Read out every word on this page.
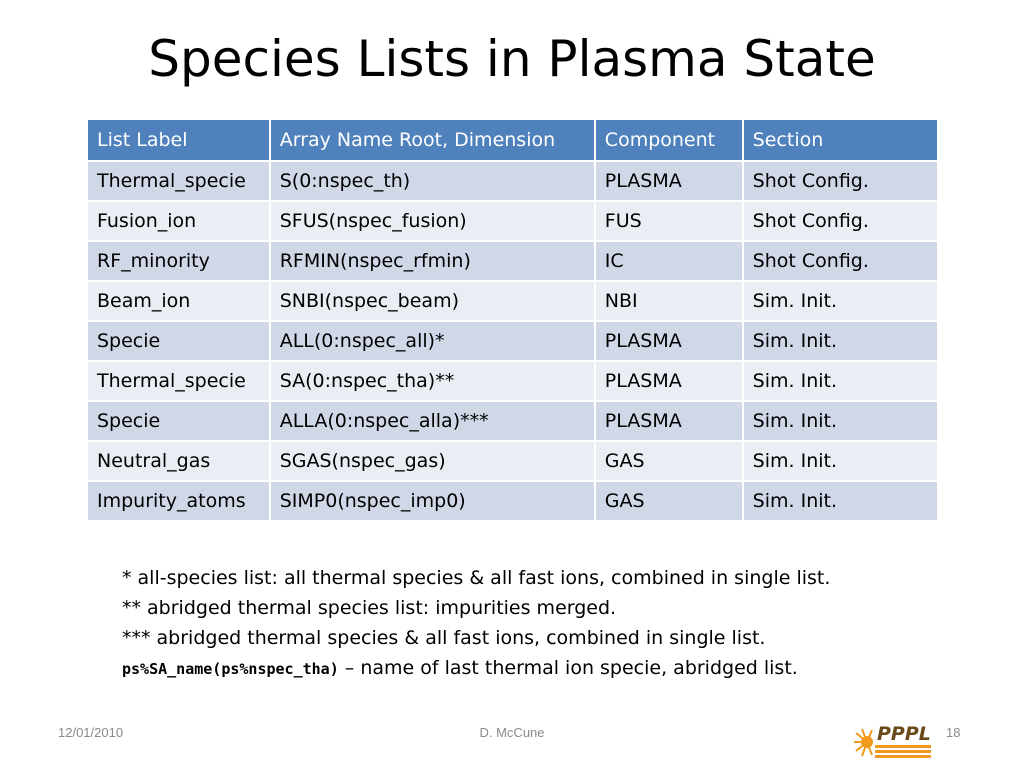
Species Lists in Plasma State
List Label	Array Name Root, Dimension	Component	Section
Thermal_specie	S(0:nspec_th)	PLASMA	Shot Config.
Fusion_ion	SFUS(nspec_fusion)	FUS	Shot Config.
RF_minority	RFMIN(nspec_rfmin)	IC	Shot Config.
Beam_ion	SNBI(nspec_beam)	NBI	Sim. Init.
Specie	ALL(0:nspec_all)*	PLASMA	Sim. Init.
Thermal_specie	SA(0:nspec_tha)**	PLASMA	Sim. Init.
Specie	ALLA(0:nspec_alla)***	PLASMA	Sim. Init.
Neutral_gas	SGAS(nspec_gas)	GAS	Sim. Init.
Impurity_atoms	SIMP0(nspec_imp0)	GAS	Sim. Init.
* all-species list: all thermal species & all fast ions, combined in single list.
** abridged thermal species list: impurities merged.
*** abridged thermal species & all fast ions, combined in single list.
ps%SA_name(ps%nspec_tha) – name of last thermal ion specie, abridged list.
12/01/2010	D. McCune	18
PPPL
